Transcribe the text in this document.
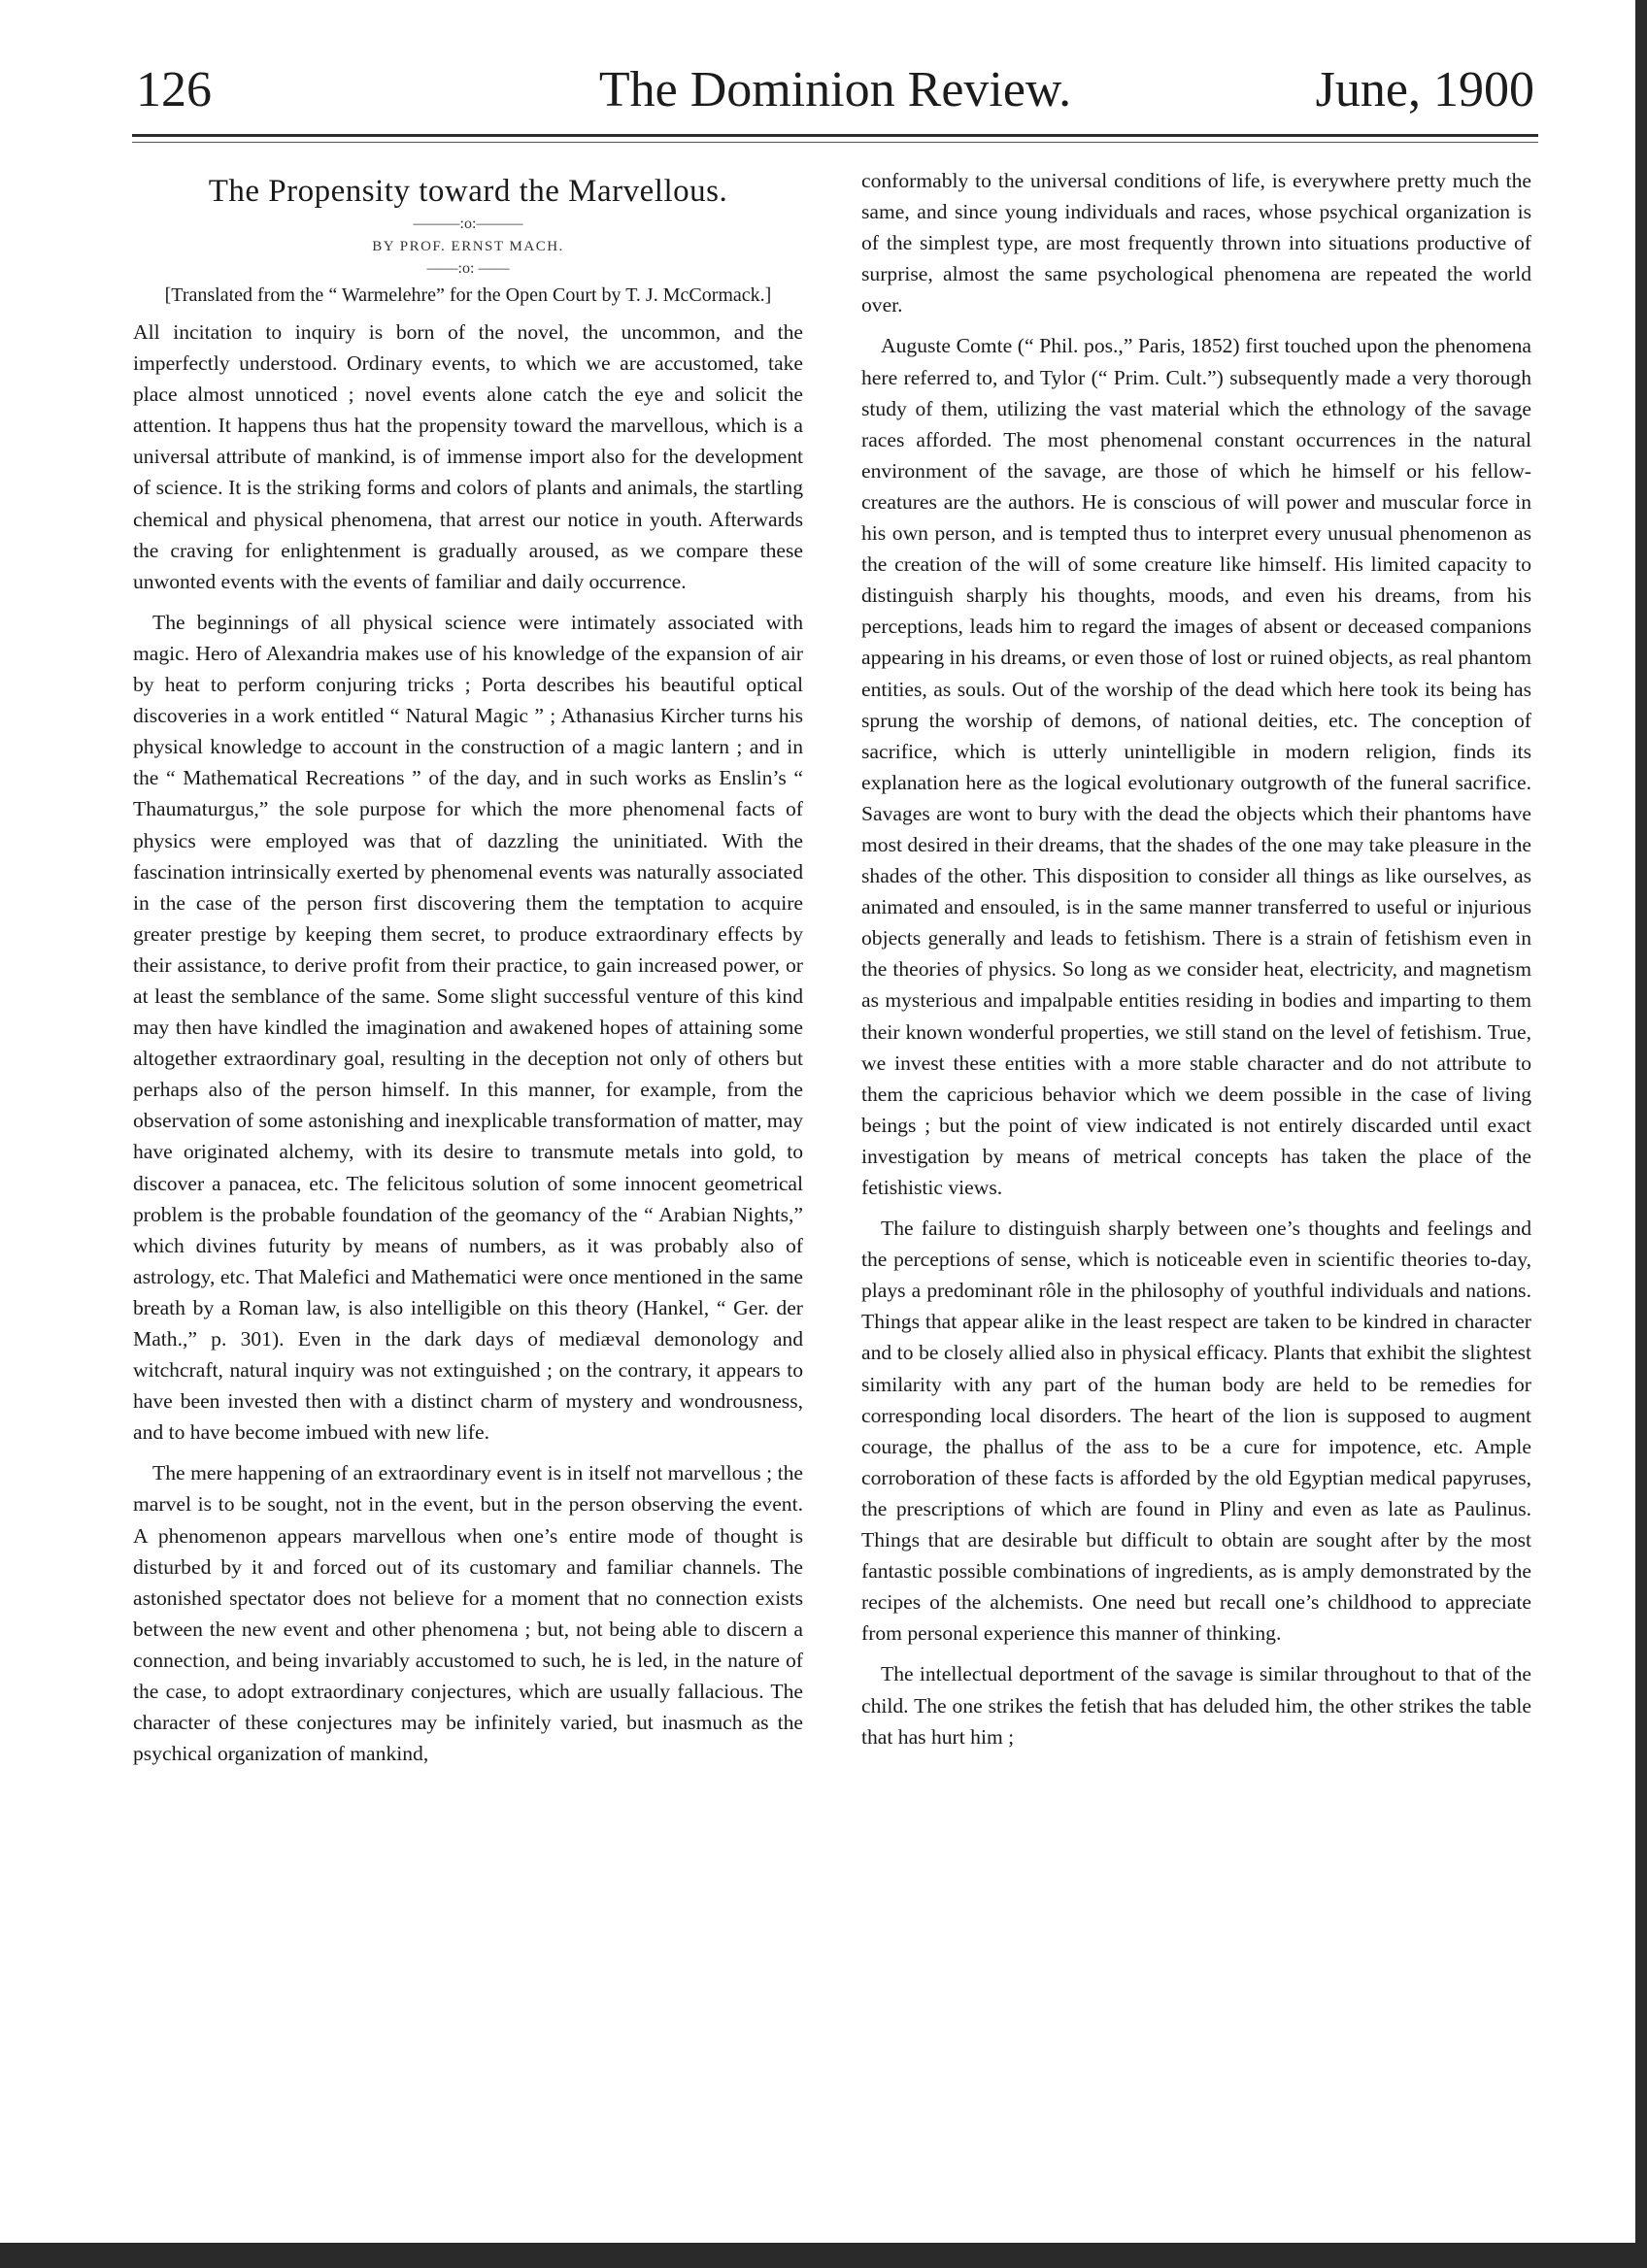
The Dominion Review.
126	June, 1900
The Propensity toward the Marvellous.
———:o:———
BY PROF. ERNST MACH.
——:o: ——
[Translated from the “ Warmelehre” for the Open Court by T. J. McCormack.]

All incitation to inquiry is born of the novel, the uncommon, and the imperfectly understood. Ordinary events, to which we are accustomed, take place almost unnoticed ; novel events alone catch the eye and solicit the attention. It happens thus hat the propensity toward the marvellous, which is a universal attribute of mankind, is of immense import also for the development of science. It is the striking forms and colors of plants and animals, the startling chemical and physical phenomena, that arrest our notice in youth. Afterwards the craving for enlightenment is gradually aroused, as we compare these unwonted events with the events of familiar and daily occurrence.

The beginnings of all physical science were intimately associated with magic. Hero of Alexandria makes use of his knowledge of the expansion of air by heat to perform conjuring tricks ; Porta describes his beautiful optical discoveries in a work entitled “ Natural Magic ” ; Athanasius Kircher turns his physical knowledge to account in the construction of a magic lantern ; and in the “ Mathematical Recreations ” of the day, and in such works as Enslin’s “ Thaumaturgus,” the sole purpose for which the more phenomenal facts of physics were employed was that of dazzling the uninitiated. With the fascination intrinsically exerted by phenomenal events was naturally associated in the case of the person first discovering them the temptation to acquire greater prestige by keeping them secret, to produce extraordinary effects by their assistance, to derive profit from their practice, to gain increased power, or at least the semblance of the same. Some slight successful venture of this kind may then have kindled the imagination and awakened hopes of attaining some altogether extraordinary goal, resulting in the deception not only of others but perhaps also of the person himself. In this manner, for example, from the observation of some astonishing and inexplicable transformation of matter, may have originated alchemy, with its desire to transmute metals into gold, to discover a panacea, etc. The felicitous solution of some innocent geometrical problem is the probable foundation of the geomancy of the “ Arabian Nights,” which divines futurity by means of numbers, as it was probably also of astrology, etc. That Malefici and Mathematici were once mentioned in the same breath by a Roman law, is also intelligible on this theory (Hankel, “ Ger. der Math.,” p. 301). Even in the dark days of mediæval demonology and witchcraft, natural inquiry was not extinguished ; on the contrary, it appears to have been invested then with a distinct charm of mystery and wondrousness, and to have become imbued with new life.

The mere happening of an extraordinary event is in itself not marvellous ; the marvel is to be sought, not in the event, but in the person observing the event. A phenomenon appears marvellous when one’s entire mode of thought is disturbed by it and forced out of its customary and familiar channels. The astonished spectator does not believe for a moment that no connection exists between the new event and other phenomena ; but, not being able to discern a connection, and being invariably accustomed to such, he is led, in the nature of the case, to adopt extraordinary conjectures, which are usually fallacious. The character of these conjectures may be infinitely varied, but inasmuch as the psychical organization of mankind,

conformably to the universal conditions of life, is everywhere pretty much the same, and since young individuals and races, whose psychical organization is of the simplest type, are most frequently thrown into situations productive of surprise, almost the same psychological phenomena are repeated the world over.

Auguste Comte (“ Phil. pos.,” Paris, 1852) first touched upon the phenomena here referred to, and Tylor (“ Prim. Cult.”) subsequently made a very thorough study of them, utilizing the vast material which the ethnology of the savage races afforded. The most phenomenal constant occurrences in the natural environment of the savage, are those of which he himself or his fellow-creatures are the authors. He is conscious of will power and muscular force in his own person, and is tempted thus to interpret every unusual phenomenon as the creation of the will of some creature like himself. His limited capacity to distinguish sharply his thoughts, moods, and even his dreams, from his perceptions, leads him to regard the images of absent or deceased companions appearing in his dreams, or even those of lost or ruined objects, as real phantom entities, as souls. Out of the worship of the dead which here took its being has sprung the worship of demons, of national deities, etc. The conception of sacrifice, which is utterly unintelligible in modern religion, finds its explanation here as the logical evolutionary outgrowth of the funeral sacrifice. Savages are wont to bury with the dead the objects which their phantoms have most desired in their dreams, that the shades of the one may take pleasure in the shades of the other. This disposition to consider all things as like ourselves, as animated and ensouled, is in the same manner transferred to useful or injurious objects generally and leads to fetishism. There is a strain of fetishism even in the theories of physics. So long as we consider heat, electricity, and magnetism as mysterious and impalpable entities residing in bodies and imparting to them their known wonderful properties, we still stand on the level of fetishism. True, we invest these entities with a more stable character and do not attribute to them the capricious behavior which we deem possible in the case of living beings ; but the point of view indicated is not entirely discarded until exact investigation by means of metrical concepts has taken the place of the fetishistic views.

The failure to distinguish sharply between one’s thoughts and feelings and the perceptions of sense, which is noticeable even in scientific theories to-day, plays a predominant rôle in the philosophy of youthful individuals and nations. Things that appear alike in the least respect are taken to be kindred in character and to be closely allied also in physical efficacy. Plants that exhibit the slightest similarity with any part of the human body are held to be remedies for corresponding local disorders. The heart of the lion is supposed to augment courage, the phallus of the ass to be a cure for impotence, etc. Ample corroboration of these facts is afforded by the old Egyptian medical papyruses, the prescriptions of which are found in Pliny and even as late as Paulinus. Things that are desirable but difficult to obtain are sought after by the most fantastic possible combinations of ingredients, as is amply demonstrated by the recipes of the alchemists. One need but recall one’s childhood to appreciate from personal experience this manner of thinking.

The intellectual deportment of the savage is similar throughout to that of the child. The one strikes the fetish that has deluded him, the other strikes the table that has hurt him ;
